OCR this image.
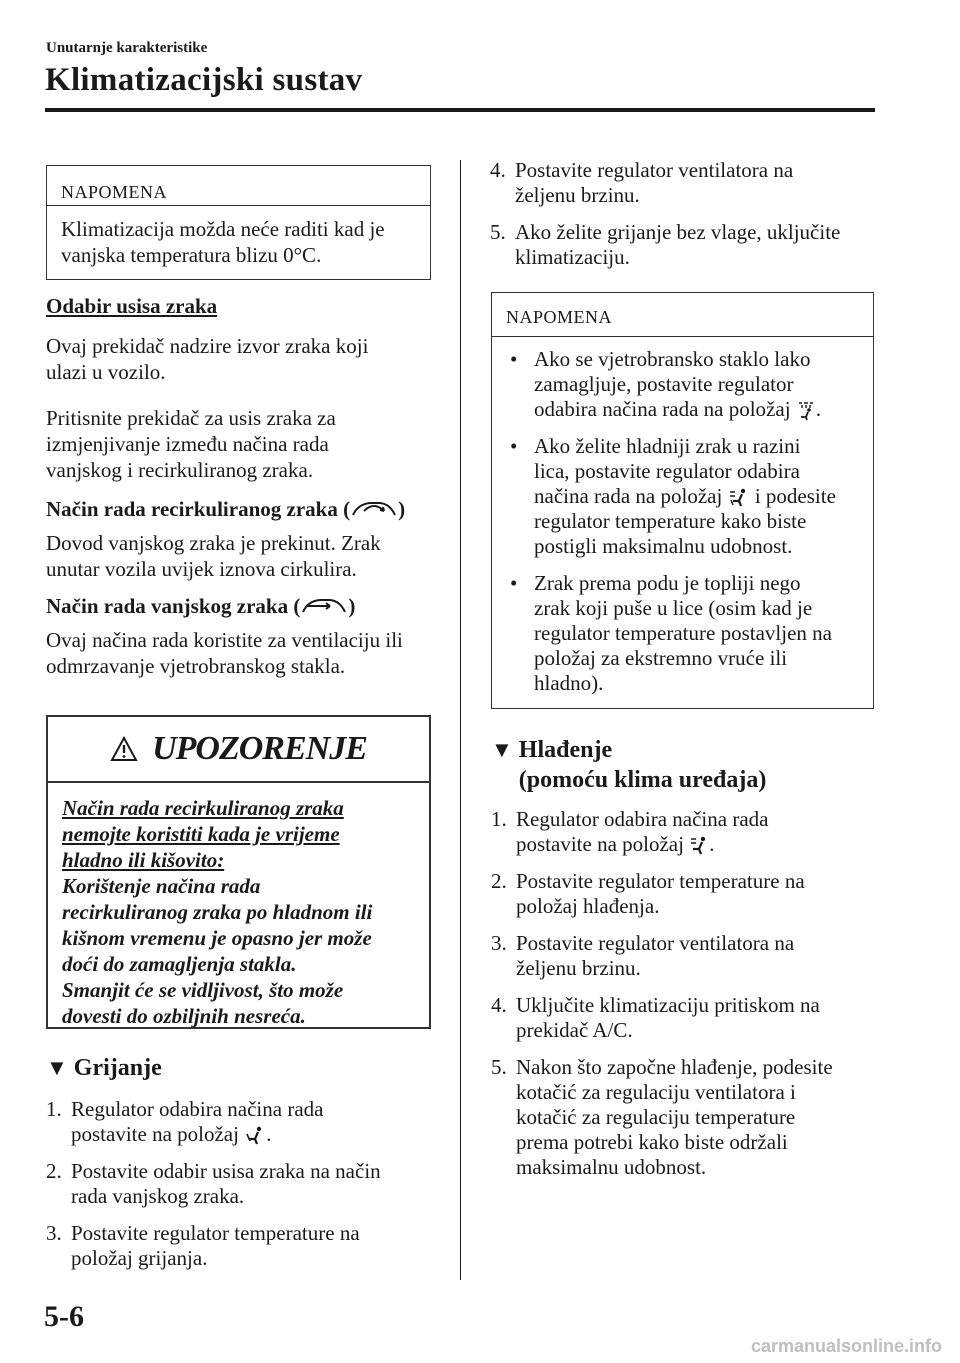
Unutarnje karakteristike
Klimatizacijski sustav
NAPOMENA
Klimatizacija možda neće raditi kad je
vanjska temperatura blizu 0°C.
Odabir usisa zraka

Ovaj prekidač nadzire izvor zraka koji
ulazi u vozilo.

Pritisnite prekidač za usis zraka za
izmjenjivanje između načina rada
vanjskog i recirkuliranog zraka.

Način rada recirkuliranog zraka ( )

Dovod vanjskog zraka je prekinut. Zrak
unutar vozila uvijek iznova cirkulira.

Način rada vanjskog zraka ( )

Ovaj načina rada koristite za ventilaciju ili
odmrzavanje vjetrobranskog stakla.

UPOZORENJE
Način rada recirkuliranog zraka
nemojte koristiti kada je vrijeme
hladno ili kišovito:
Korištenje načina rada
recirkuliranog zraka po hladnom ili
kišnom vremenu je opasno jer može
doći do zamagljenja stakla.
Smanjit će se vidljivost, što može
dovesti do ozbiljnih nesreća.
▼ Grijanje
1. Regulator odabira načina rada
postavite na položaj .
2. Postavite odabir usisa zraka na način
rada vanjskog zraka.
3. Postavite regulator temperature na
položaj grijanja.
4. Postavite regulator ventilatora na
željenu brzinu.
5. Ako želite grijanje bez vlage, uključite
klimatizaciju.
NAPOMENA
• Ako se vjetrobransko staklo lako
zamagljuje, postavite regulator
odabira načina rada na položaj .
• Ako želite hladniji zrak u razini
lica, postavite regulator odabira
načina rada na položaj i podesite
regulator temperature kako biste
postigli maksimalnu udobnost.
• Zrak prema podu je topliji nego
zrak koji puše u lice (osim kad je
regulator temperature postavljen na
položaj za ekstremno vruće ili
hladno).
▼ Hlađenje
(pomoću klima uređaja)
1. Regulator odabira načina rada
postavite na položaj .
2. Postavite regulator temperature na
položaj hlađenja.
3. Postavite regulator ventilatora na
željenu brzinu.
4. Uključite klimatizaciju pritiskom na
prekidač A/C.
5. Nakon što započne hlađenje, podesite
kotačić za regulaciju ventilatora i
kotačić za regulaciju temperature
prema potrebi kako biste održali
maksimalnu udobnost.
5-6
carmanualsonline.info
